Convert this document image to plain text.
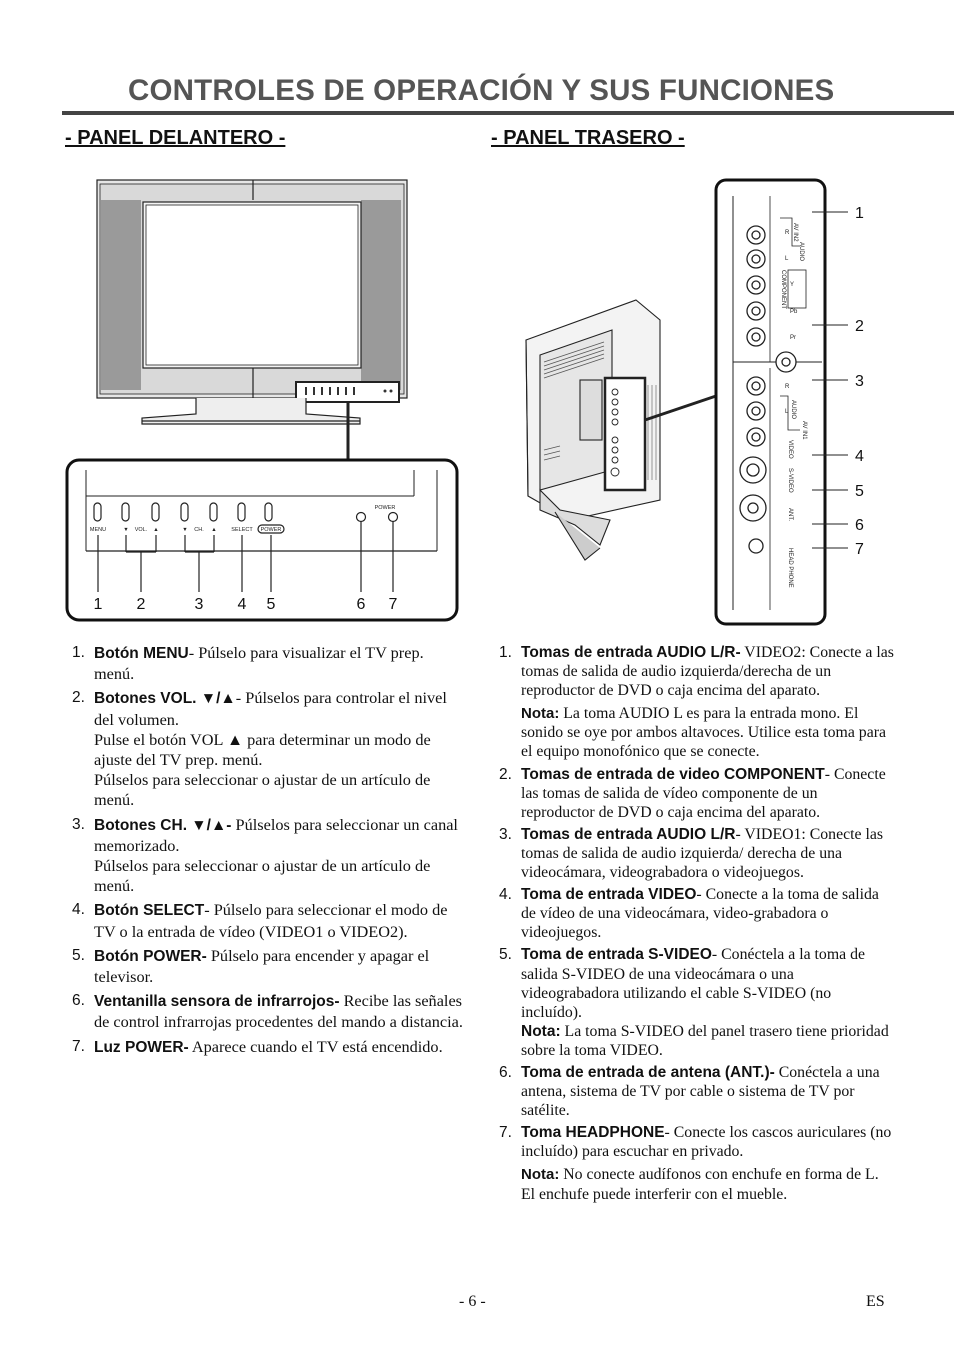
CONTROLES DE OPERACIÓN Y SUS FUNCIONES
- PANEL DELANTERO -	- PANEL TRASERO -
MENU	▼ VOL. ▲	▼ CH. ▲	SELECT POWER
POWER
1 2	3 4 5	6 7
AV IN2
R
AUDIO
L
COMPONENT Y
Pb
Pr
R
AUDIO
L
AV IN1
VIDEO
S-VIDEO
ANT.
HEAD PHONE
1
2
3
4
5
6
7
1. Botón MENU- Púlselo para visualizar el TV prep. menú.
2. Botones VOL. ▼/▲- Púlselos para controlar el nivel del volumen.

Pulse el botón VOL ▲ para determinar un modo de ajuste del TV prep. menú.

Púlselos para seleccionar o ajustar de un artículo de menú.

3. Botones CH. ▼/▲- Púlselos para seleccionar un canal memorizado.

Púlselos para seleccionar o ajustar de un artículo de menú.

4. Botón SELECT- Púlselo para seleccionar el modo de TV o la entrada de vídeo (VIDEO1 o VIDEO2).
5. Botón POWER- Púlselo para encender y apagar el televisor.
6. Ventanilla sensora de infrarrojos- Recibe las señales de control infrarrojas procedentes del mando a distancia.
7. Luz POWER- Aparece cuando el TV está encendido.
1. Tomas de entrada AUDIO L/R- VIDEO2: Conecte a las tomas de salida de audio izquierda/derecha de un reproductor de DVD o caja encima del aparato.

Nota: La toma AUDIO L es para la entrada mono. El sonido se oye por ambos altavoces. Utilice esta toma para el equipo monofónico que se conecte.

2. Tomas de entrada de video COMPONENT- Conecte las tomas de salida de vídeo componente de un reproductor de DVD o caja encima del aparato.
3. Tomas de entrada AUDIO L/R- VIDEO1: Conecte las tomas de salida de audio izquierda/ derecha de una videocámara, videograbadora o videojuegos.
4. Toma de entrada VIDEO- Conecte a la toma de salida de vídeo de una videocámara, video-grabadora o videojuegos.
5. Toma de entrada S-VIDEO- Conéctela a la toma de salida S-VIDEO de una videocámara o una videograbadora utilizando el cable S-VIDEO (no incluído).

Nota: La toma S-VIDEO del panel trasero tiene prioridad sobre la toma VIDEO.

6. Toma de entrada de antena (ANT.)- Conéctela a una antena, sistema de TV por cable o sistema de TV por satélite.
7. Toma HEADPHONE- Conecte los cascos auriculares (no incluído) para escuchar en privado.

Nota: No conecte audífonos con enchufe en forma de L. El enchufe puede interferir con el mueble.

- 6 -	ES
